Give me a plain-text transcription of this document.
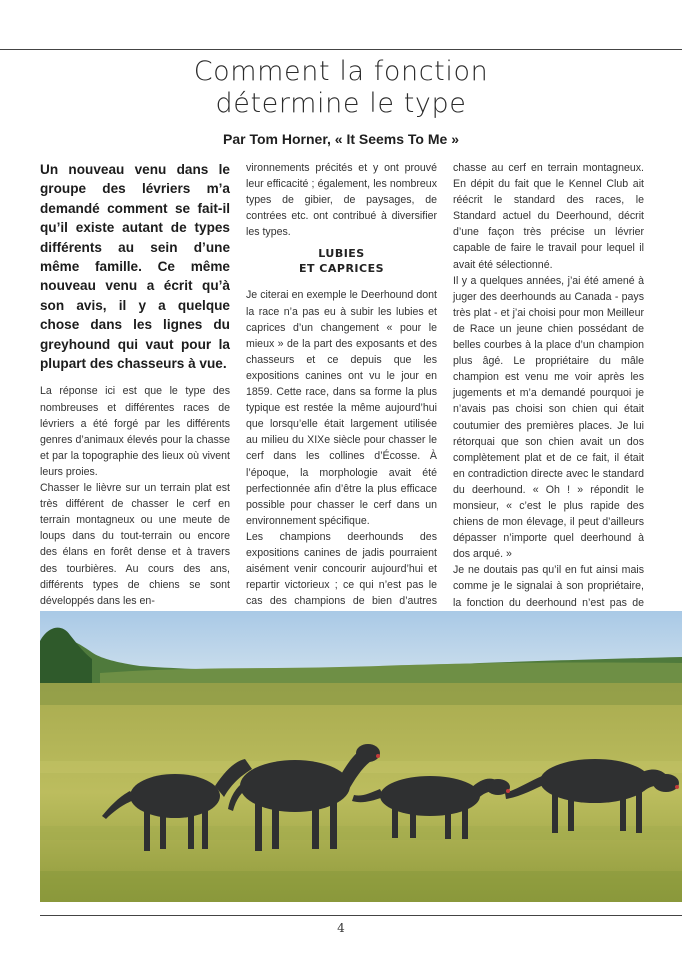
Comment la fonction
détermine le type
Par Tom Horner, « It Seems To Me »

Un nouveau venu dans le groupe des lévriers m’a demandé comment se fait-il qu’il existe autant de types différents au sein d’une même famille. Ce même nouveau venu a écrit qu’à son avis, il y a quelque chose dans les lignes du greyhound qui vaut pour la plupart des chasseurs à vue.

La réponse ici est que le type des nombreuses et différentes races de lévriers a été forgé par les différents genres d’animaux élevés pour la chasse et par la topographie des lieux où vivent leurs proies.

Chasser le lièvre sur un terrain plat est très différent de chasser le cerf en terrain montagneux ou une meute de loups dans du tout-terrain ou encore des élans en forêt dense et à travers des tourbières. Au cours des ans, différents types de chiens se sont développés dans les en-

vironnements précités et y ont prouvé leur efficacité ; également, les nombreux types de gibier, de paysages, de contrées etc. ont contribué à diversifier les types.

LUBIES
ET CAPRICES

Je citerai en exemple le Deerhound dont la race n’a pas eu à subir les lubies et caprices d’un changement « pour le mieux » de la part des exposants et des chasseurs et ce depuis que les expositions canines ont vu le jour en 1859. Cette race, dans sa forme la plus typique est restée la même aujourd’hui que lorsqu’elle était largement utilisée au milieu du XIXe siècle pour chasser le cerf dans les collines d’Écosse. À l’époque, la morphologie avait été perfectionnée afin d’être la plus efficace possible pour chasser le cerf dans un environnement spécifique.

Les champions deerhounds des expositions canines de jadis pourraient aisément venir concourir aujourd’hui et repartir victorieux ; ce qui n’est pas le cas des champions de bien d’autres

chasse au cerf en terrain montagneux. En dépit du fait que le Kennel Club ait réécrit le standard des races, le Standard actuel du Deerhound, décrit d’une façon très précise un lévrier capable de faire le travail pour lequel il avait été sélectionné.

Il y a quelques années, j’ai été amené à juger des deerhounds au Canada - pays très plat - et j’ai choisi pour mon Meilleur de Race un jeune chien possédant de belles courbes à la place d’un champion plus âgé. Le propriétaire du mâle champion est venu me voir après les jugements et m’a demandé pourquoi je n’avais pas choisi son chien qui était coutumier des premières places. Je lui rétorquai que son chien avait un dos complètement plat et de ce fait, il était en contradiction directe avec le standard du deerhound. « Oh ! » répondit le monsieur, « c’est le plus rapide des chiens de mon élevage, il peut d’ailleurs dépasser n’importe quel deerhound à dos arqué. »

Je ne doutais pas qu’il en fut ainsi mais comme je le signalai à son propriétaire, la fonction du deerhound n’est pas de

4
